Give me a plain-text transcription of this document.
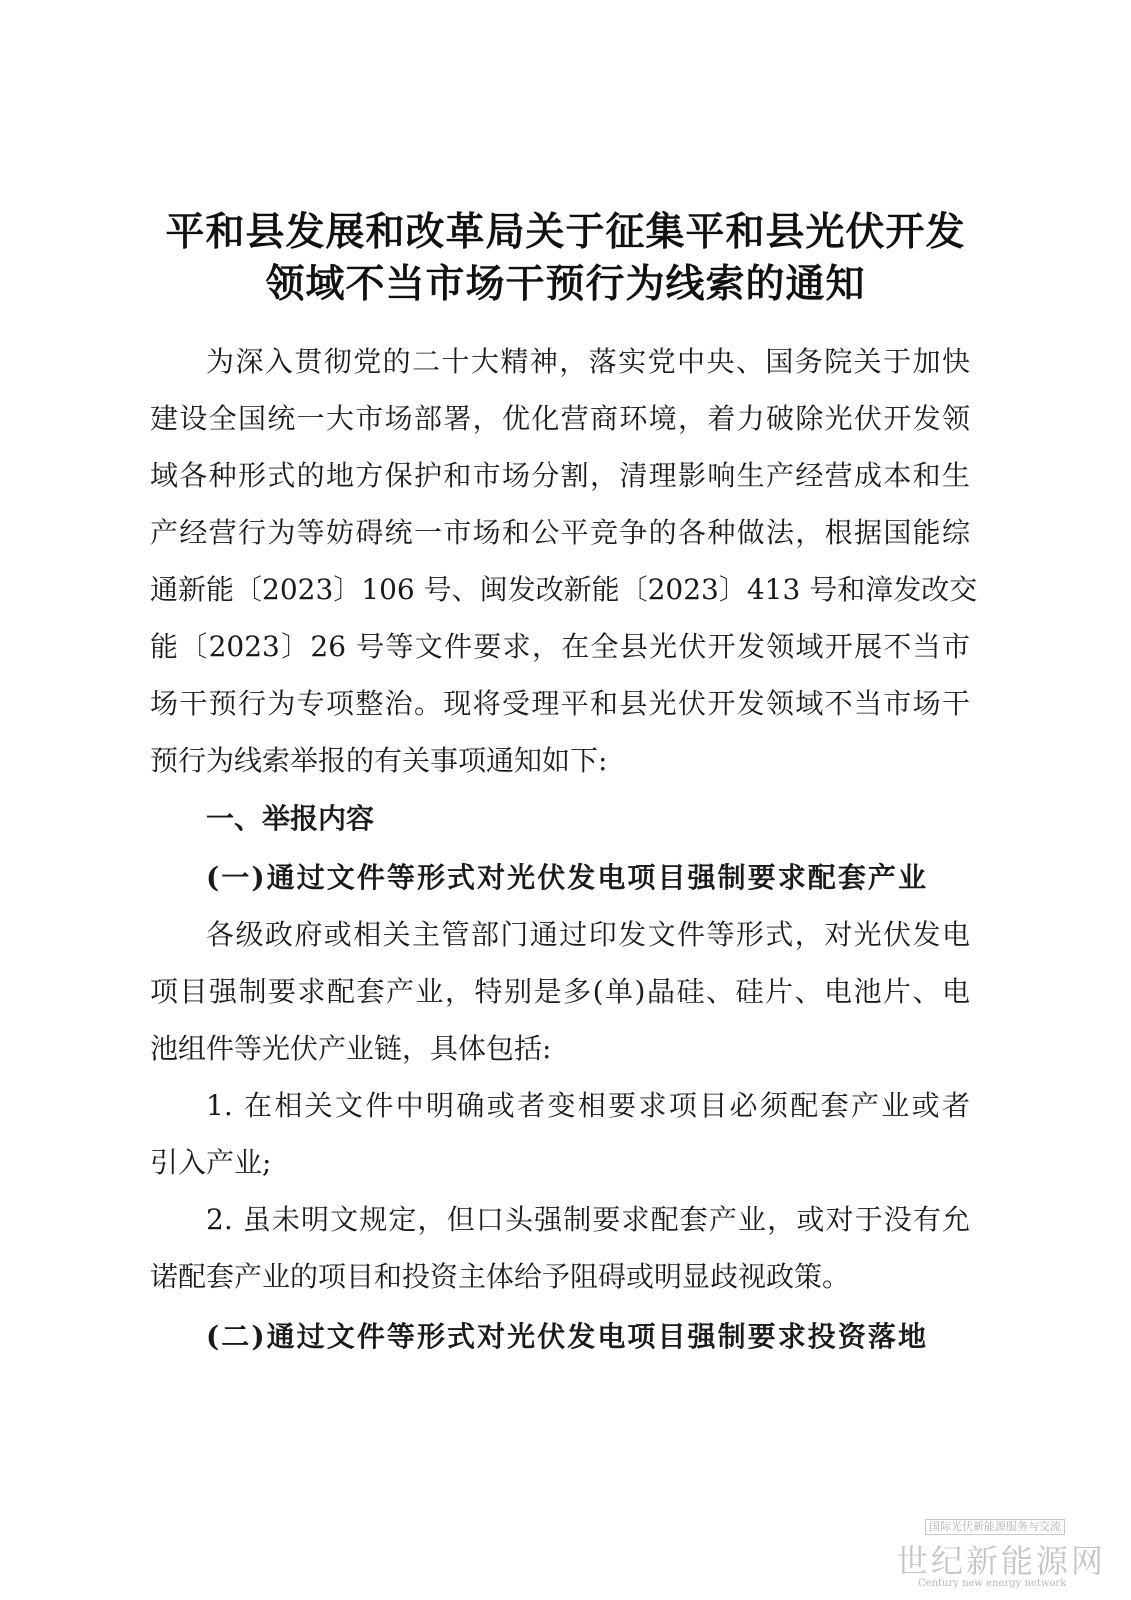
平和县发展和改革局关于征集平和县光伏开发
领域不当市场干预行为线索的通知
为深入贯彻党的二十大精神，落实党中央、国务院关于加快
建设全国统一大市场部署，优化营商环境，着力破除光伏开发领
域各种形式的地方保护和市场分割，清理影响生产经营成本和生
产经营行为等妨碍统一市场和公平竞争的各种做法，根据国能综
通新能〔2023〕106 号、闽发改新能〔2023〕413 号和漳发改交
能〔2023〕26 号等文件要求，在全县光伏开发领域开展不当市
场干预行为专项整治。现将受理平和县光伏开发领域不当市场干
预行为线索举报的有关事项通知如下:
一、举报内容
(一)通过文件等形式对光伏发电项目强制要求配套产业
各级政府或相关主管部门通过印发文件等形式，对光伏发电
项目强制要求配套产业，特别是多(单)晶硅、硅片、电池片、电
池组件等光伏产业链，具体包括:
1. 在相关文件中明确或者变相要求项目必须配套产业或者
引入产业;
2. 虽未明文规定，但口头强制要求配套产业，或对于没有允
诺配套产业的项目和投资主体给予阻碍或明显歧视政策。
(二)通过文件等形式对光伏发电项目强制要求投资落地
国际光伏新能源服务与交流
世纪新能源网
Century new energy network
